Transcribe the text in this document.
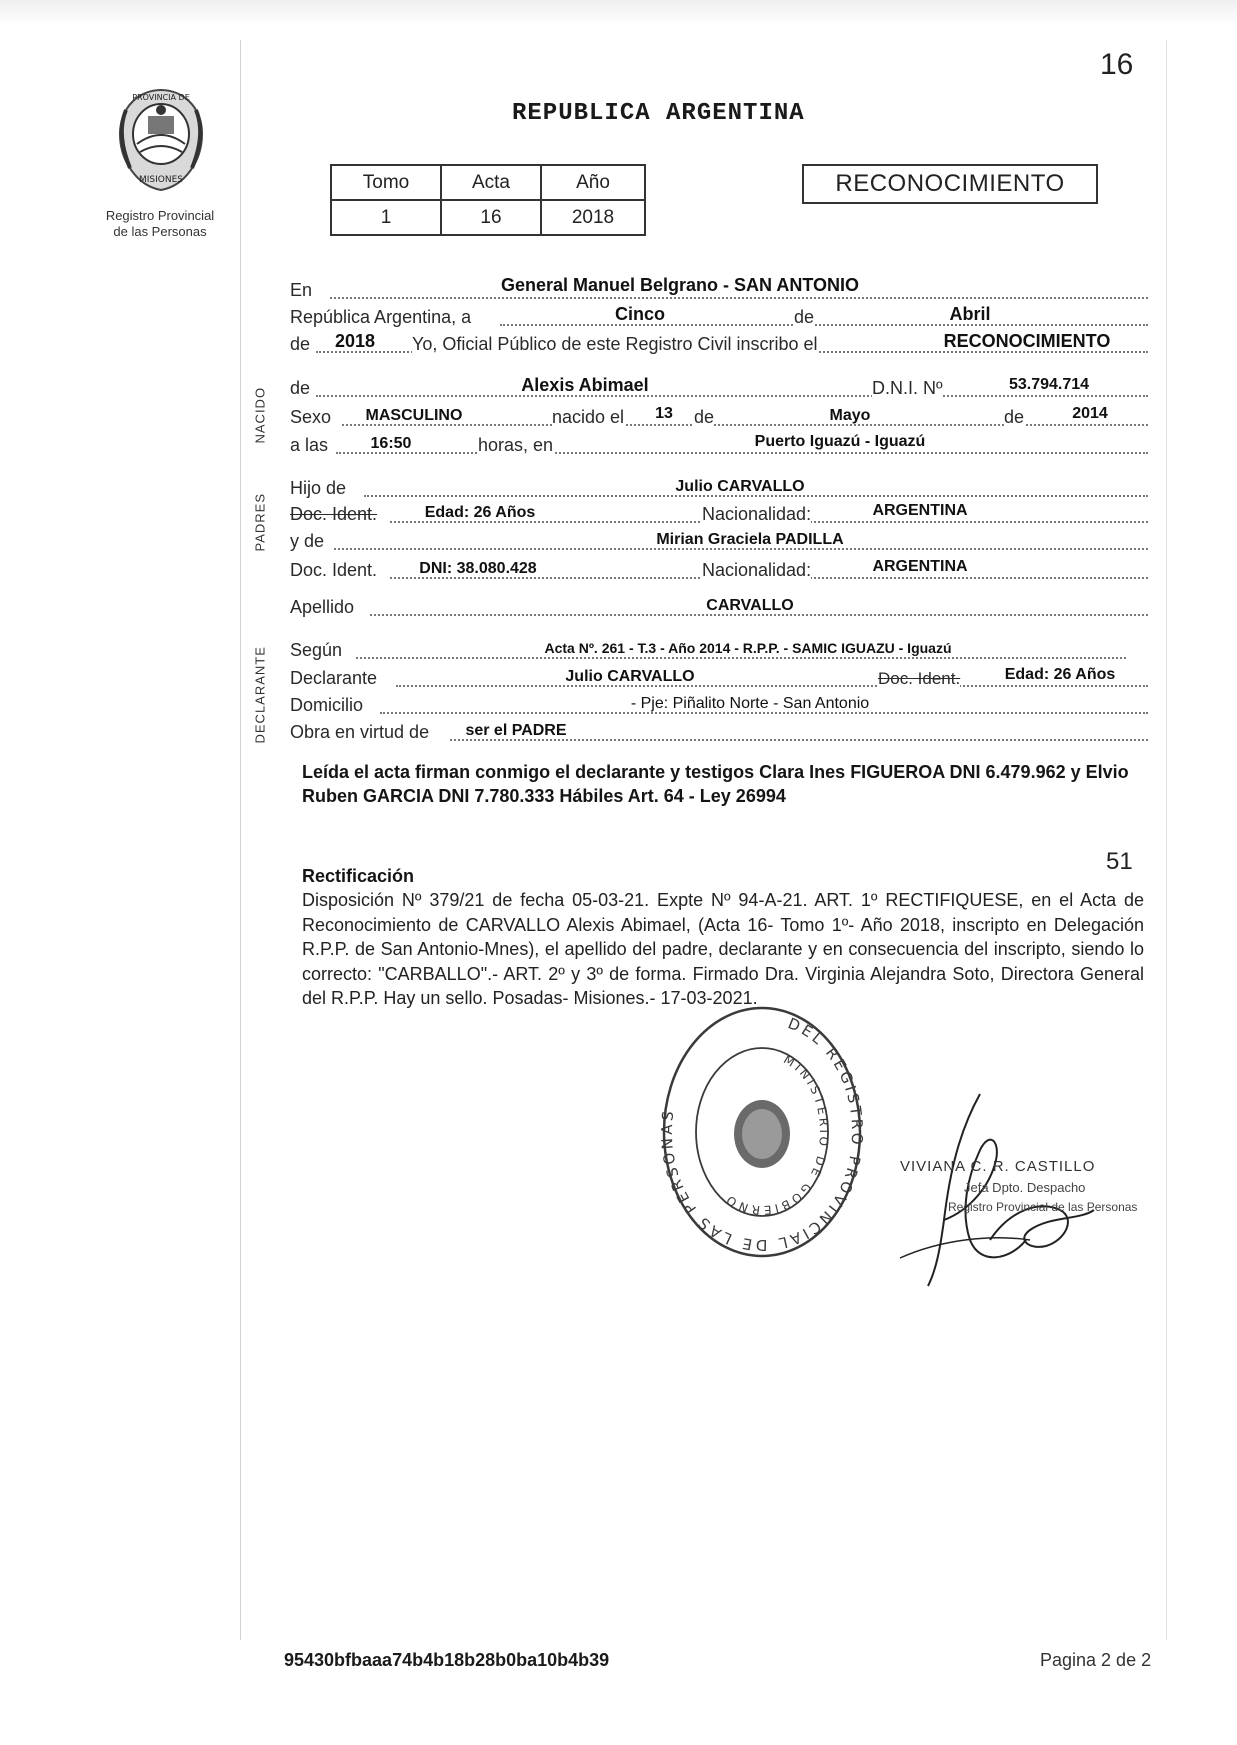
16
PROVINCIA DE
MISIONES
Registro Provincial
de las Personas
REPUBLICA ARGENTINA
Tomo	Acta	Año
1	16	2018
RECONOCIMIENTO
NACIDO
PADRES
DECLARANTE
En	General Manuel Belgrano - SAN ANTONIO
República Argentina, a	Cinco	de	Abril
de	2018	Yo, Oficial Público de este Registro Civil inscribo el	RECONOCIMIENTO
de	Alexis Abimael	D.N.I. Nº	53.794.714
Sexo	MASCULINO	nacido el	13 de	Mayo	de	2014
a las	16:50	horas, en	Puerto Iguazú - Iguazú
Hijo de	Julio CARVALLO
Doc. Ident.	Edad: 26 Años	Nacionalidad:	ARGENTINA
y de	Mirian Graciela PADILLA
Doc. Ident.	DNI: 38.080.428	Nacionalidad:	ARGENTINA
Apellido	CARVALLO
Según	Acta Nº. 261 - T.3 - Año 2014 - R.P.P. - SAMIC IGUAZU - Iguazú
Declarante	Julio CARVALLO	Doc. Ident.	Edad: 26 Años
Domicilio	- Pje: Piñalito Norte - San Antonio
Obra en virtud de	ser el PADRE
Leída el acta firman conmigo el declarante y testigos Clara Ines FIGUEROA DNI 6.479.962 y Elvio Ruben GARCIA DNI 7.780.333 Hábiles Art. 64 - Ley 26994
51
Rectificación
Disposición Nº 379/21 de fecha 05-03-21. Expte Nº 94-A-21. ART. 1º RECTIFIQUESE, en el Acta de Reconocimiento de CARVALLO Alexis Abimael, (Acta 16- Tomo 1º- Año 2018, inscripto en Delegación R.P.P. de San Antonio-Mnes), el apellido del padre, declarante y en consecuencia del inscripto, siendo lo correcto: "CARBALLO".- ART. 2º y 3º de forma. Firmado Dra. Virginia Alejandra Soto, Directora General del R.P.P. Hay un sello. Posadas- Misiones.- 17-03-2021.
DEL REGISTRO PROVINCIAL DE LAS PERSONAS
MINISTERIO DE GOBIERNO
VIVIANA C. R. CASTILLO
Jefa Dpto. Despacho
Registro Provincial de las Personas
95430bfbaaa74b4b18b28b0ba10b4b39	Pagina 2 de 2
